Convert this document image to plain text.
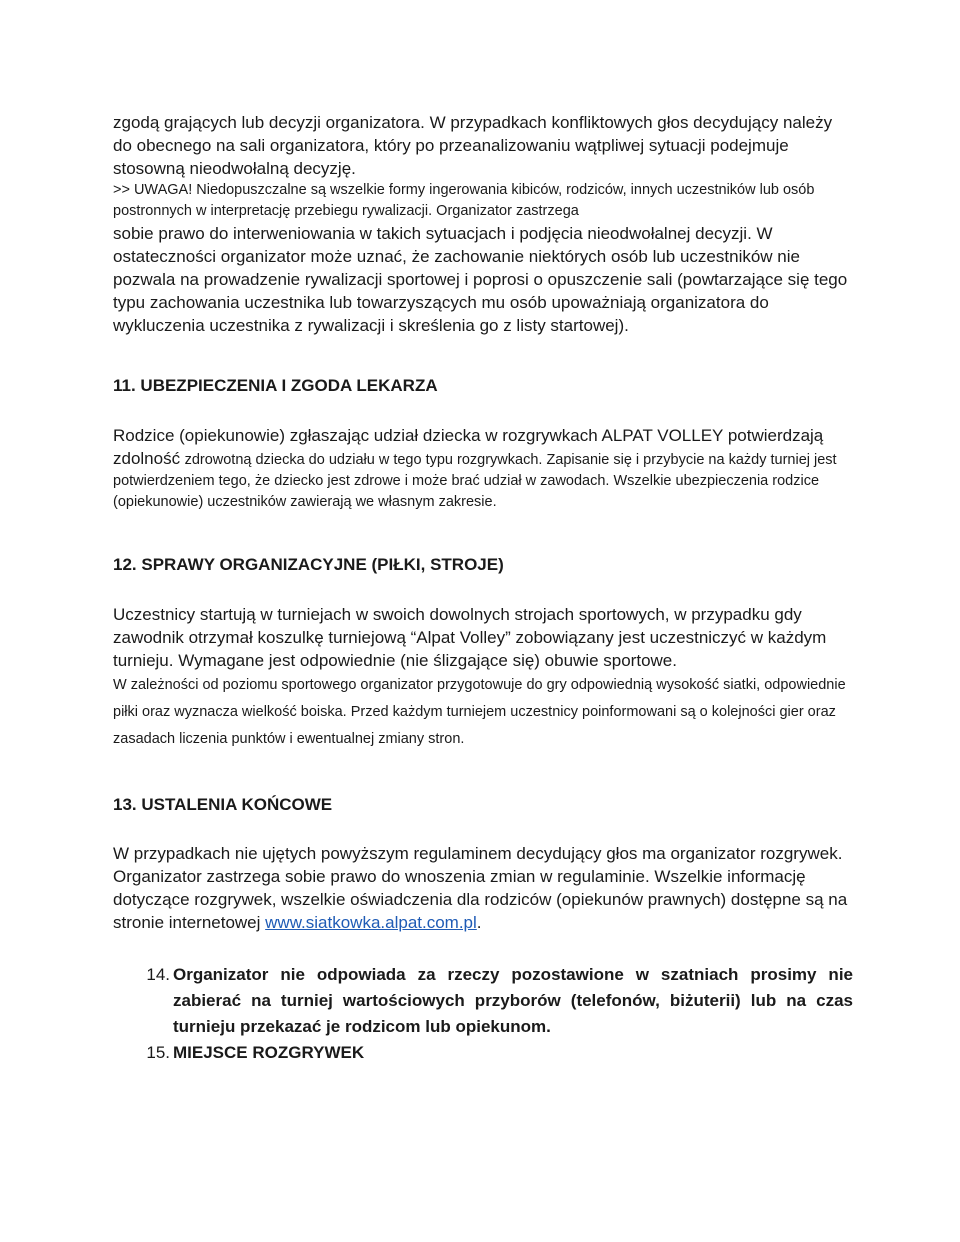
zgodą grających lub decyzji organizatora. W przypadkach konfliktowych głos decydujący należy do obecnego na sali organizatora, który po przeanalizowaniu wątpliwej sytuacji podejmuje stosowną nieodwołalną decyzję.

>> UWAGA! Niedopuszczalne są wszelkie formy ingerowania kibiców, rodziców, innych uczestników lub osób postronnych w interpretację przebiegu rywalizacji. Organizator zastrzega

sobie prawo do interweniowania w takich sytuacjach i podjęcia nieodwołalnej decyzji. W ostateczności organizator może uznać, że zachowanie niektórych osób lub uczestników nie pozwala na prowadzenie rywalizacji sportowej i poprosi o opuszczenie sali (powtarzające się tego typu zachowania uczestnika lub towarzyszących mu osób upoważniają organizatora do wykluczenia uczestnika z rywalizacji i skreślenia go z listy startowej).

11. UBEZPIECZENIA I ZGODA LEKARZA

Rodzice (opiekunowie) zgłaszając udział dziecka w rozgrywkach ALPAT VOLLEY potwierdzają zdolność zdrowotną dziecka do udziału w tego typu rozgrywkach. Zapisanie się i przybycie na każdy turniej jest potwierdzeniem tego, że dziecko jest zdrowe i może brać udział w zawodach. Wszelkie ubezpieczenia rodzice (opiekunowie) uczestników zawierają we własnym zakresie.

12. SPRAWY ORGANIZACYJNE (PIŁKI, STROJE)

Uczestnicy startują w turniejach w swoich dowolnych strojach sportowych, w przypadku gdy zawodnik otrzymał koszulkę turniejową “Alpat Volley” zobowiązany jest uczestniczyć w każdym turnieju. Wymagane jest odpowiednie (nie ślizgające się) obuwie sportowe.

W zależności od poziomu sportowego organizator przygotowuje do gry odpowiednią wysokość siatki, odpowiednie piłki oraz wyznacza wielkość boiska. Przed każdym turniejem uczestnicy poinformowani są o kolejności gier oraz zasadach liczenia punktów i ewentualnej zmiany stron.

13. USTALENIA KOŃCOWE

W przypadkach nie ujętych powyższym regulaminem decydujący głos ma organizator rozgrywek. Organizator zastrzega sobie prawo do wnoszenia zmian w regulaminie. Wszelkie informację dotyczące rozgrywek, wszelkie oświadczenia dla rodziców (opiekunów prawnych) dostępne są na stronie internetowej www.siatkowka.alpat.com.pl.

14. Organizator nie odpowiada za rzeczy pozostawione w szatniach prosimy nie zabierać na turniej wartościowych przyborów (telefonów, biżuterii) lub na czas turnieju przekazać je rodzicom lub opiekunom.
15. MIEJSCE ROZGRYWEK
